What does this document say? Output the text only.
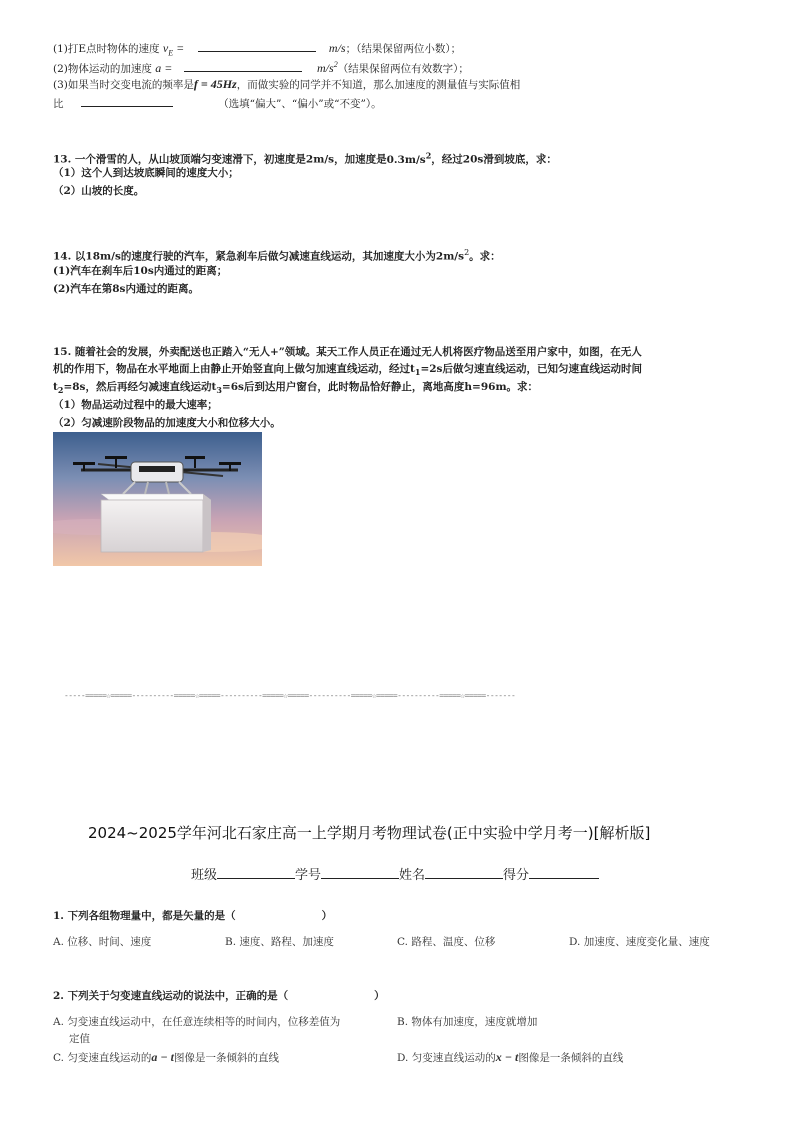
(1)打E点时物体的速度 $v_E$ =	m/s；（结果保留两位小数）；
(2)物体运动的加速度 a =	$m/s^2$（结果保留两位有效数字）；
(3)如果当时交变电流的频率是f = 45Hz，而做实验的同学并不知道，那么加速度的测量值与实际值相
比	（选填“偏大”、“偏小”或“不变”）。
13. 一个滑雪的人，从山坡顶端匀变速滑下，初速度是2m/s，加速度是$0.3m/s^2$，经过20s滑到坡底，求：
（1）这个人到达坡底瞬间的速度大小；
（2）山坡的长度。
14. 以18m/s的速度行驶的汽车，紧急刹车后做匀减速直线运动，其加速度大小为$2m/s^2$。求：
(1)汽车在刹车后10s内通过的距离；
(2)汽车在第8s内通过的距离。
15. 随着社会的发展，外卖配送也正踏入“无人+”领域。某天工作人员正在通过无人机将医疗物品送至用户家中，如图，在无人
机的作用下，物品在水平地面上由静止开始竖直向上做匀加速直线运动，经过$t_1=2s$后做匀速直线运动，已知匀速直线运动时间
$t_2=8s$，然后再经匀减速直线运动$t_3=6s$后到达用户窗台，此时物品恰好静止，离地高度h=96m。求：
（1）物品运动过程中的最大速率；
（2）匀减速阶段物品的加速度大小和位移大小。
-----=====☆=====----------=====☆=====----------=====☆=====----------=====☆=====----------=====☆=====-------
2024~2025学年河北石家庄高一上学期月考物理试卷(正中实验中学月考一)[解析版]
班级	学号	姓名	得分
1. 下列各组物理量中，都是矢量的是（	）
A. 位移、时间、速度	B. 速度、路程、加速度	C. 路程、温度、位移	D. 加速度、速度变化量、速度
2. 下列关于匀变速直线运动的说法中，正确的是（	）
A. 匀变速直线运动中，在任意连续相等的时间内，位移差值为
定值
B. 物体有加速度，速度就增加
C. 匀变速直线运动的a − t图像是一条倾斜的直线	D. 匀变速直线运动的x − t图像是一条倾斜的直线
